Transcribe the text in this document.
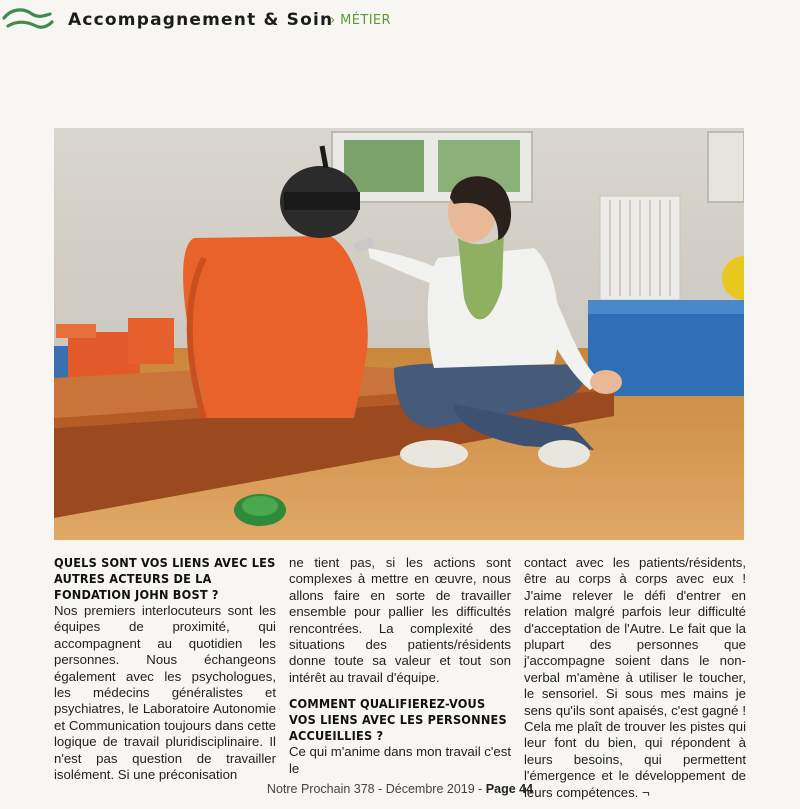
Accompagnement & Soin
› MÉTIER
QUELS SONT VOS LIENS AVEC LES AUTRES ACTEURS DE LA FONDATION JOHN BOST ?

Nos premiers interlocuteurs sont les équipes de proximité, qui accompagnent au quotidien les personnes. Nous échangeons également avec les psychologues, les médecins généralistes et psychiatres, le Laboratoire Autonomie et Communication toujours dans cette logique de travail pluridisciplinaire. Il n'est pas question de travailler isolément. Si une préconisation

ne tient pas, si les actions sont complexes à mettre en œuvre, nous allons faire en sorte de travailler ensemble pour pallier les difficultés rencontrées. La complexité des situations des patients/résidents donne toute sa valeur et tout son intérêt au travail d'équipe.

COMMENT QUALIFIEREZ-VOUS VOS LIENS AVEC LES PERSONNES ACCUEILLIES ?

Ce qui m'anime dans mon travail c'est le

contact avec les patients/résidents, être au corps à corps avec eux ! J'aime relever le défi d'entrer en relation malgré parfois leur difficulté d'acceptation de l'Autre. Le fait que la plupart des personnes que j'accompagne soient dans le non-verbal m'amène à utiliser le toucher, le sensoriel. Si sous mes mains je sens qu'ils sont apaisés, c'est gagné ! Cela me plaît de trouver les pistes qui leur font du bien, qui répondent à leurs besoins, qui permettent l'émergence et le développement de leurs compétences. ¬

Notre Prochain 378 - Décembre 2019 - Page 44
